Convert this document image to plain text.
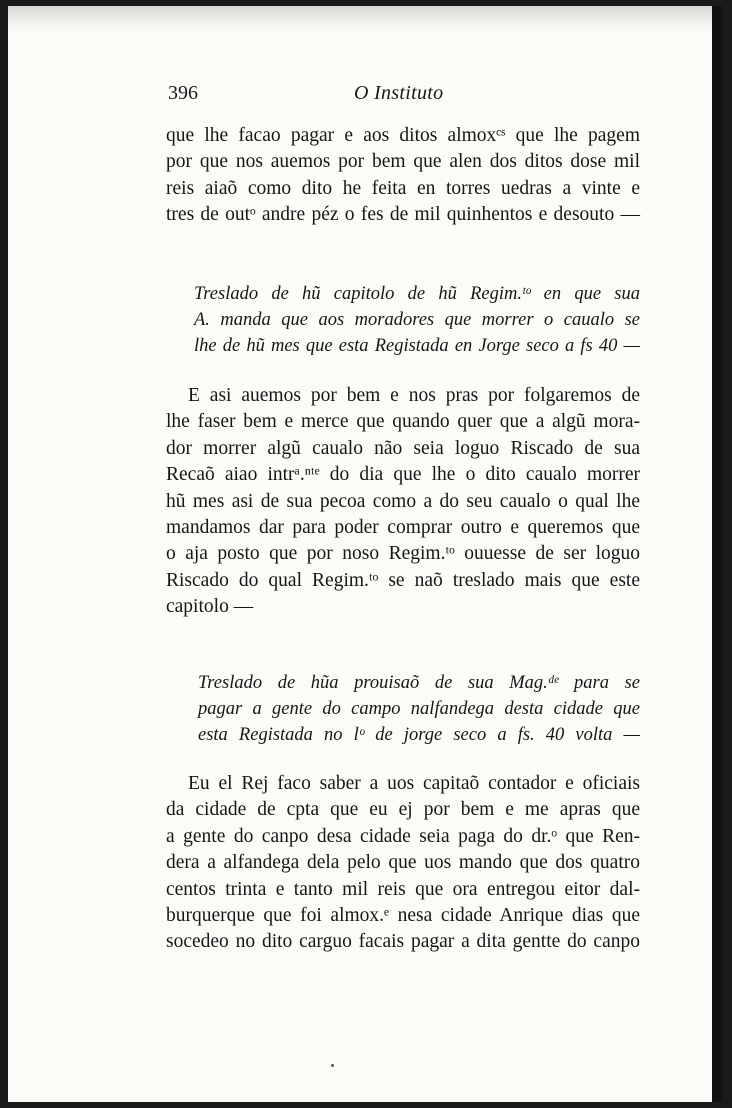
396	O Instituto
que lhe facao pagar e aos ditos almoxᶜˢ que lhe pagem
por que nos auemos por bem que alen dos ditos dose mil
reis aiaõ como dito he feita en torres uedras a vinte e
tres de outᵒ andre péz o fes de mil quinhentos e desouto —
Treslado de hũ capitolo de hũ Regim.ᵗᵒ en que sua
A. manda que aos moradores que morrer o caualo se
lhe de hũ mes que esta Registada en Jorge seco a fs 40 —
E asi auemos por bem e nos pras por folgaremos de
lhe faser bem e merce que quando quer que a algũ mora-
dor morrer algũ caualo não seia loguo Riscado de sua
Recaõ aiao intrᵃ.ⁿᵗᵉ do dia que lhe o dito caualo morrer
hũ mes asi de sua pecoa como a do seu caualo o qual lhe
mandamos dar para poder comprar outro e queremos que
o aja posto que por noso Regim.ᵗᵒ ouuesse de ser loguo
Riscado do qual Regim.ᵗᵒ se naõ treslado mais que este
capitolo —
Treslado de hũa prouisaõ de sua Mag.ᵈᵉ para se
pagar a gente do campo nalfandega desta cidade que
esta Registada no lᵒ de jorge seco a fs. 40 volta —
Eu el Rej faco saber a uos capitaõ contador e oficiais
da cidade de cpta que eu ej por bem e me apras que
a gente do canpo desa cidade seia paga do dr.ᵒ que Ren-
dera a alfandega dela pelo que uos mando que dos quatro
centos trinta e tanto mil reis que ora entregou eitor dal-
burquerque que foi almox.ᵉ nesa cidade Anrique dias que
socedeo no dito carguo facais pagar a dita gentte do canpo
